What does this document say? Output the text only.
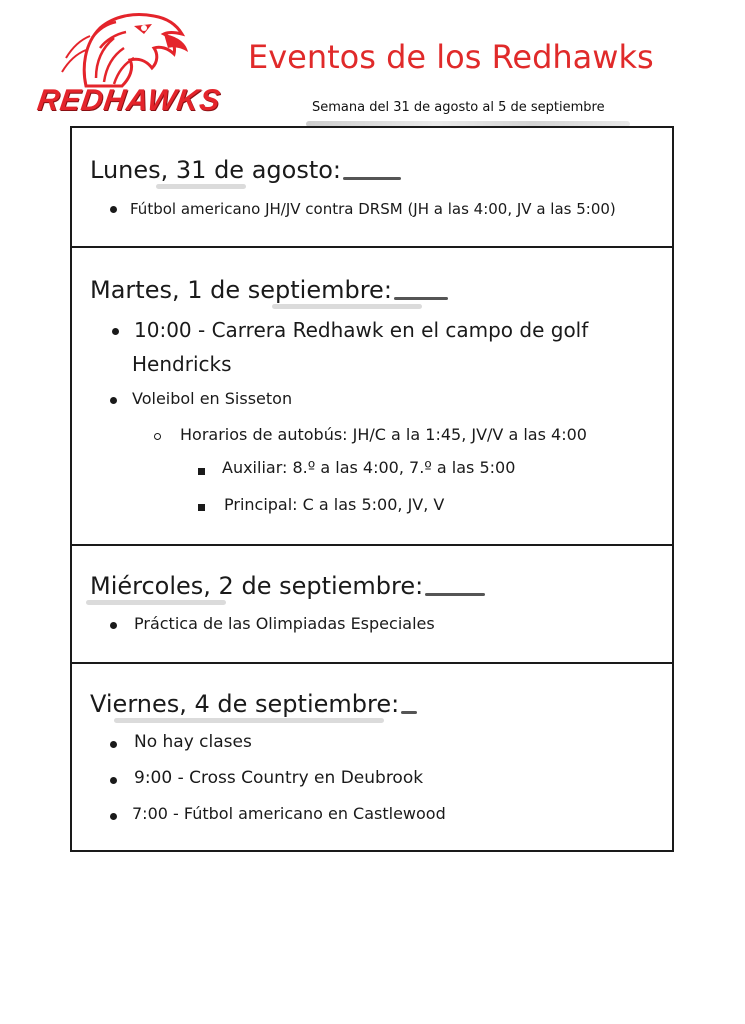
REDHAWKS
Eventos de los Redhawks
Semana del 31 de agosto al 5 de septiembre
Lunes, 31 de agosto:
Fútbol americano JH/JV contra DRSM (JH a las 4:00, JV a las 5:00)
Martes, 1 de septiembre:
10:00 - Carrera Redhawk en el campo de golf
Hendricks
Voleibol en Sisseton
Horarios de autobús: JH/C a la 1:45, JV/V a las 4:00
Auxiliar: 8.º a las 4:00, 7.º a las 5:00
Principal: C a las 5:00, JV, V
Miércoles, 2 de septiembre:
Práctica de las Olimpiadas Especiales
Viernes, 4 de septiembre:
No hay clases
9:00 - Cross Country en Deubrook
7:00 - Fútbol americano en Castlewood
